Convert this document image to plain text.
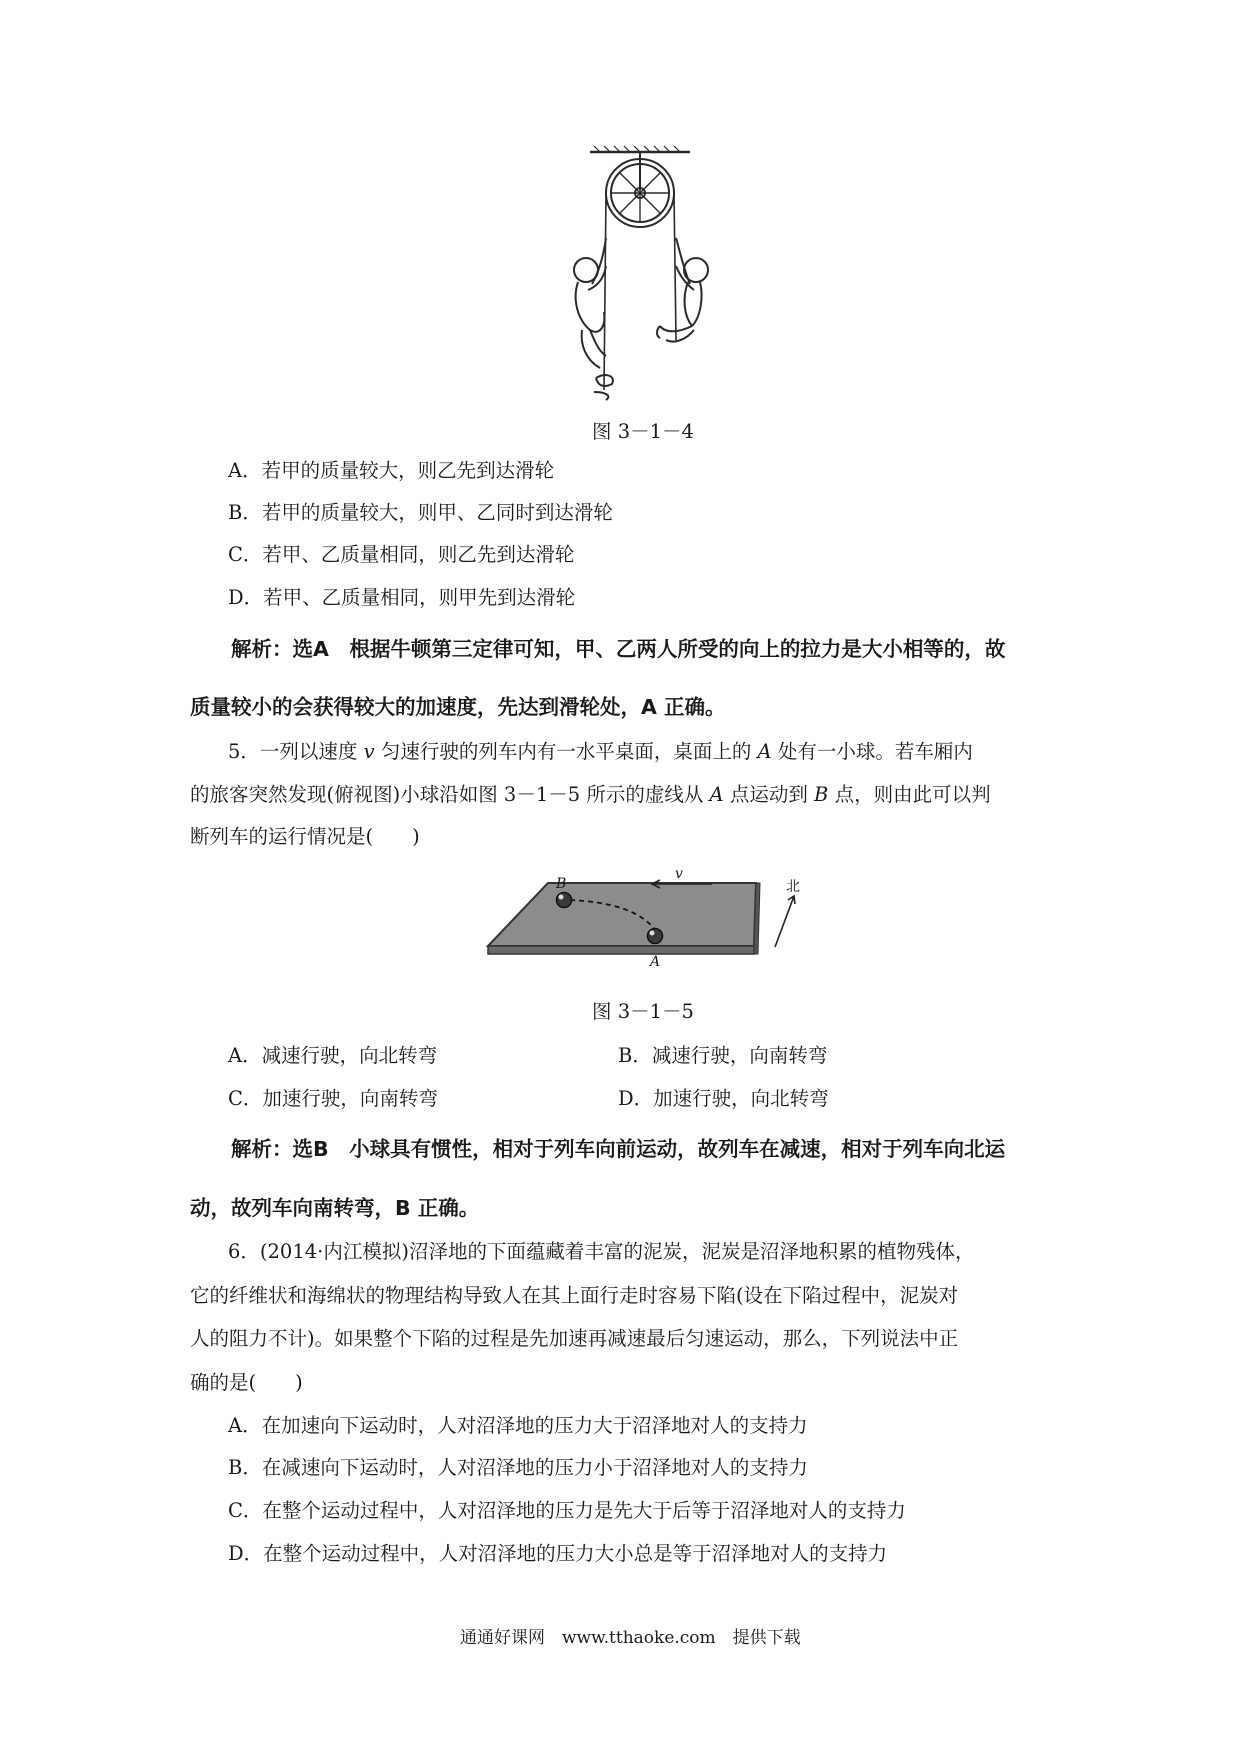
图 3－1－4
A．若甲的质量较大，则乙先到达滑轮
B．若甲的质量较大，则甲、乙同时到达滑轮
C．若甲、乙质量相同，则乙先到达滑轮
D．若甲、乙质量相同，则甲先到达滑轮
解析：选A　根据牛顿第三定律可知，甲、乙两人所受的向上的拉力是大小相等的，故
质量较小的会获得较大的加速度，先达到滑轮处，A 正确。
5．一列以速度 v 匀速行驶的列车内有一水平桌面，桌面上的 A 处有一小球。若车厢内
的旅客突然发现(俯视图)小球沿如图 3－1－5 所示的虚线从 A 点运动到 B 点，则由此可以判
断列车的运行情况是(　　)
B
A
v
北
图 3－1－5
A．减速行驶，向北转弯	B．减速行驶，向南转弯
C．加速行驶，向南转弯	D．加速行驶，向北转弯
解析：选B　小球具有惯性，相对于列车向前运动，故列车在减速，相对于列车向北运
动，故列车向南转弯，B 正确。
6．(2014·内江模拟)沼泽地的下面蕴藏着丰富的泥炭，泥炭是沼泽地积累的植物残体，
它的纤维状和海绵状的物理结构导致人在其上面行走时容易下陷(设在下陷过程中，泥炭对
人的阻力不计)。如果整个下陷的过程是先加速再减速最后匀速运动，那么，下列说法中正
确的是(　　)
A．在加速向下运动时，人对沼泽地的压力大于沼泽地对人的支持力
B．在减速向下运动时，人对沼泽地的压力小于沼泽地对人的支持力
C．在整个运动过程中，人对沼泽地的压力是先大于后等于沼泽地对人的支持力
D．在整个运动过程中，人对沼泽地的压力大小总是等于沼泽地对人的支持力
通通好课网　www.tthaoke.com　提供下载
